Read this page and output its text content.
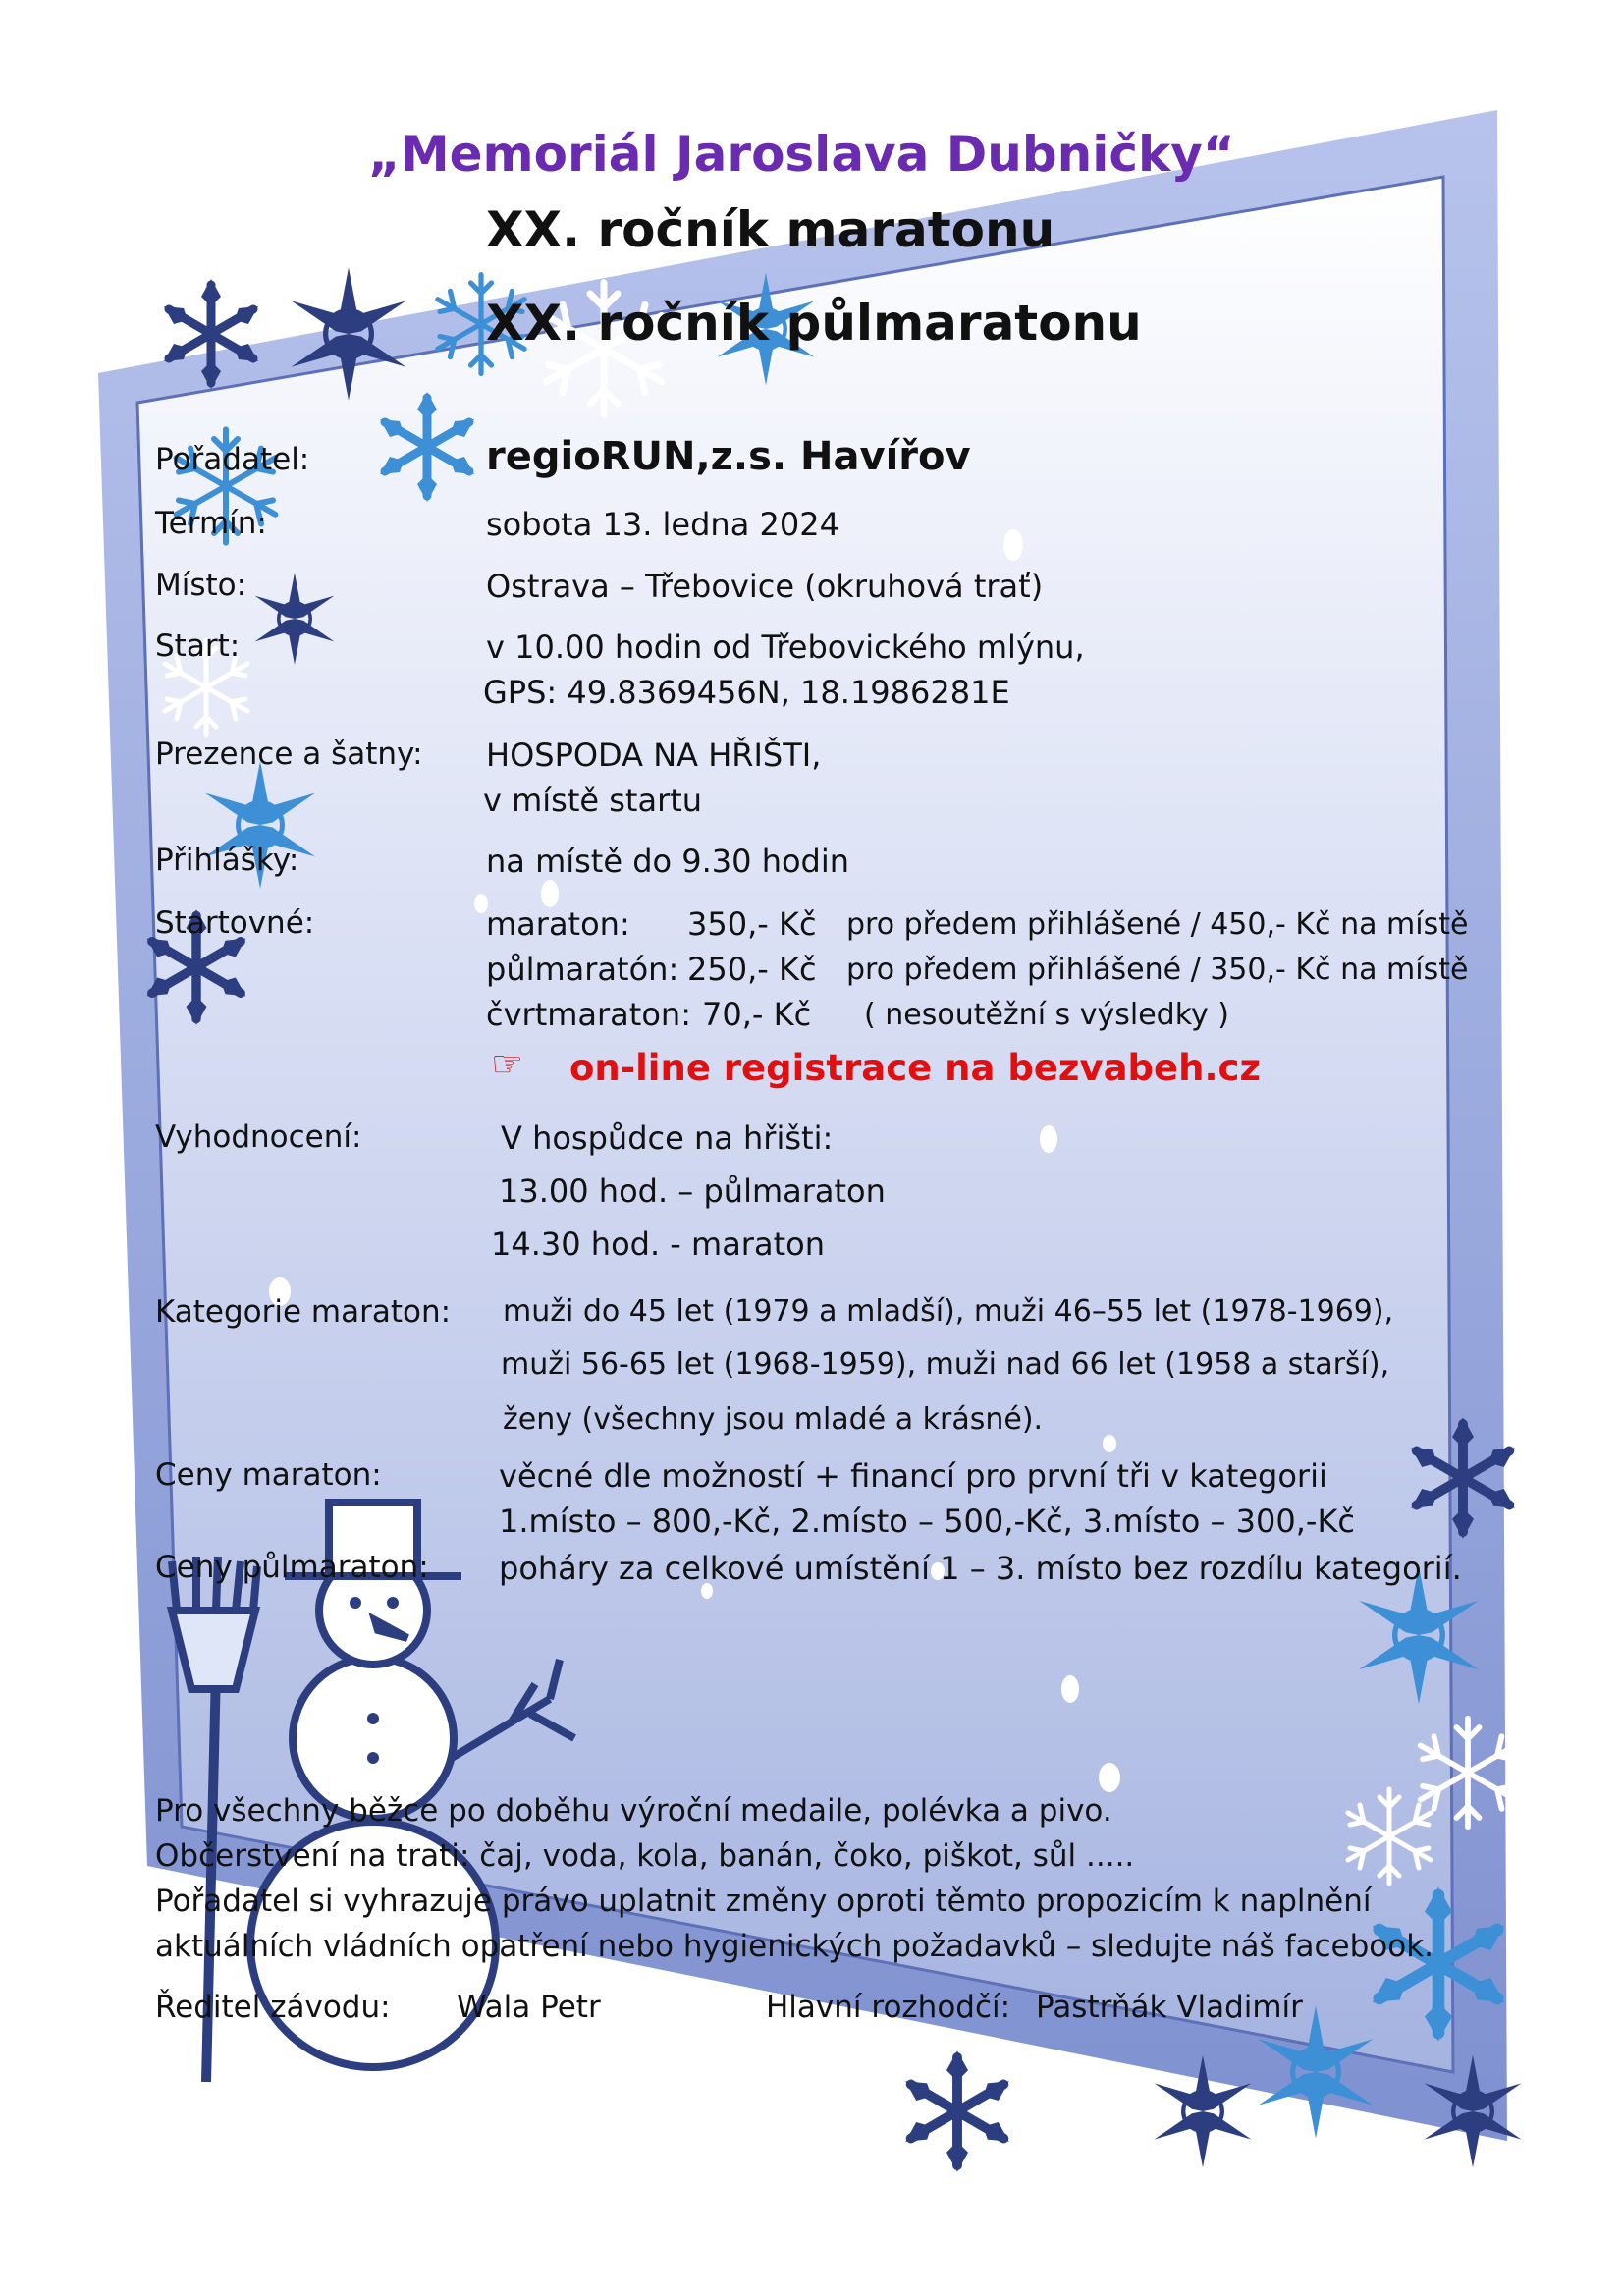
„Memoriál Jaroslava Dubničky“
XX. ročník maratonu
XX. ročník půlmaratonu
Pořadatel:	regioRUN,z.s. Havířov
Termín:	sobota 13. ledna 2024
Místo:	Ostrava – Třebovice (okruhová trať)
Start:	v 10.00 hodin od Třebovického mlýnu,
GPS: 49.8369456N, 18.1986281E
Prezence a šatny: HOSPODA NA HŘIŠTI,
v místě startu
Přihlášky:	na místě do 9.30 hodin
Startovné:	maraton: 350,- Kč pro předem přihlášené / 450,- Kč na místě
půlmaratón: 250,- Kč pro předem přihlášené / 350,- Kč na místě
čvrtmaraton: 70,- Kč ( nesoutěžní s výsledky )
☞ on-line registrace na bezvabeh.cz
Vyhodnocení:	V hospůdce na hřišti:
13.00 hod. – půlmaraton
14.30 hod. - maraton
Kategorie maraton: muži do 45 let (1979 a mladší), muži 46–55 let (1978-1969),
muži 56-65 let (1968-1959), muži nad 66 let (1958 a starší),
ženy (všechny jsou mladé a krásné).
Ceny maraton:	věcné dle možností + financí pro první tři v kategorii
1.místo – 800,-Kč, 2.místo – 500,-Kč, 3.místo – 300,-Kč
Ceny půlmaraton: poháry za celkové umístění 1 – 3. místo bez rozdílu kategorií.
Pro všechny běžce po doběhu výroční medaile, polévka a pivo.
Občerstvení na trati: čaj, voda, kola, banán, čoko, piškot, sůl .....
Pořadatel si vyhrazuje právo uplatnit změny oproti těmto propozicím k naplnění
aktuálních vládních opatření nebo hygienických požadavků – sledujte náš facebook.
Ředitel závodu: Wala Petr	Hlavní rozhodčí: Pastrňák Vladimír
